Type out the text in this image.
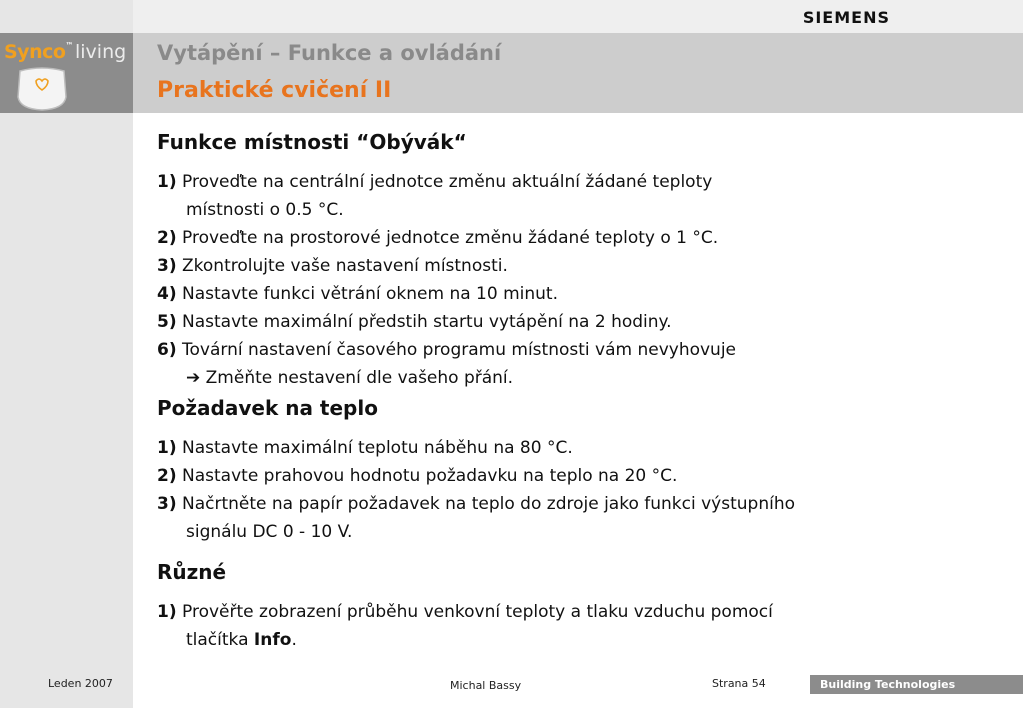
Synco™ living
SIEMENS
Vytápění – Funkce a ovládání
Praktické cvičení II
Funkce místnosti “Obývák“
1) Proveďte na centrální jednotce změnu aktuální žádané teploty
místnosti o 0.5 °C.
2) Proveďte na prostorové jednotce změnu žádané teploty o 1 °C.
3) Zkontrolujte vaše nastavení místnosti.
4) Nastavte funkci větrání oknem na 10 minut.
5) Nastavte maximální předstih startu vytápění na 2 hodiny.
6) Tovární nastavení časového programu místnosti vám nevyhovuje
➔ Změňte nestavení dle vašeho přání.
Požadavek na teplo
1) Nastavte maximální teplotu náběhu na 80 °C.
2) Nastavte prahovou hodnotu požadavku na teplo na 20 °C.
3) Načrtněte na papír požadavek na teplo do zdroje jako funkci výstupního
signálu DC 0 - 10 V.
Různé
1) Prověřte zobrazení průběhu venkovní teploty a tlaku vzduchu pomocí
tlačítka Info.
Leden 2007	Michal Bassy	Strana 54	Building Technologies
